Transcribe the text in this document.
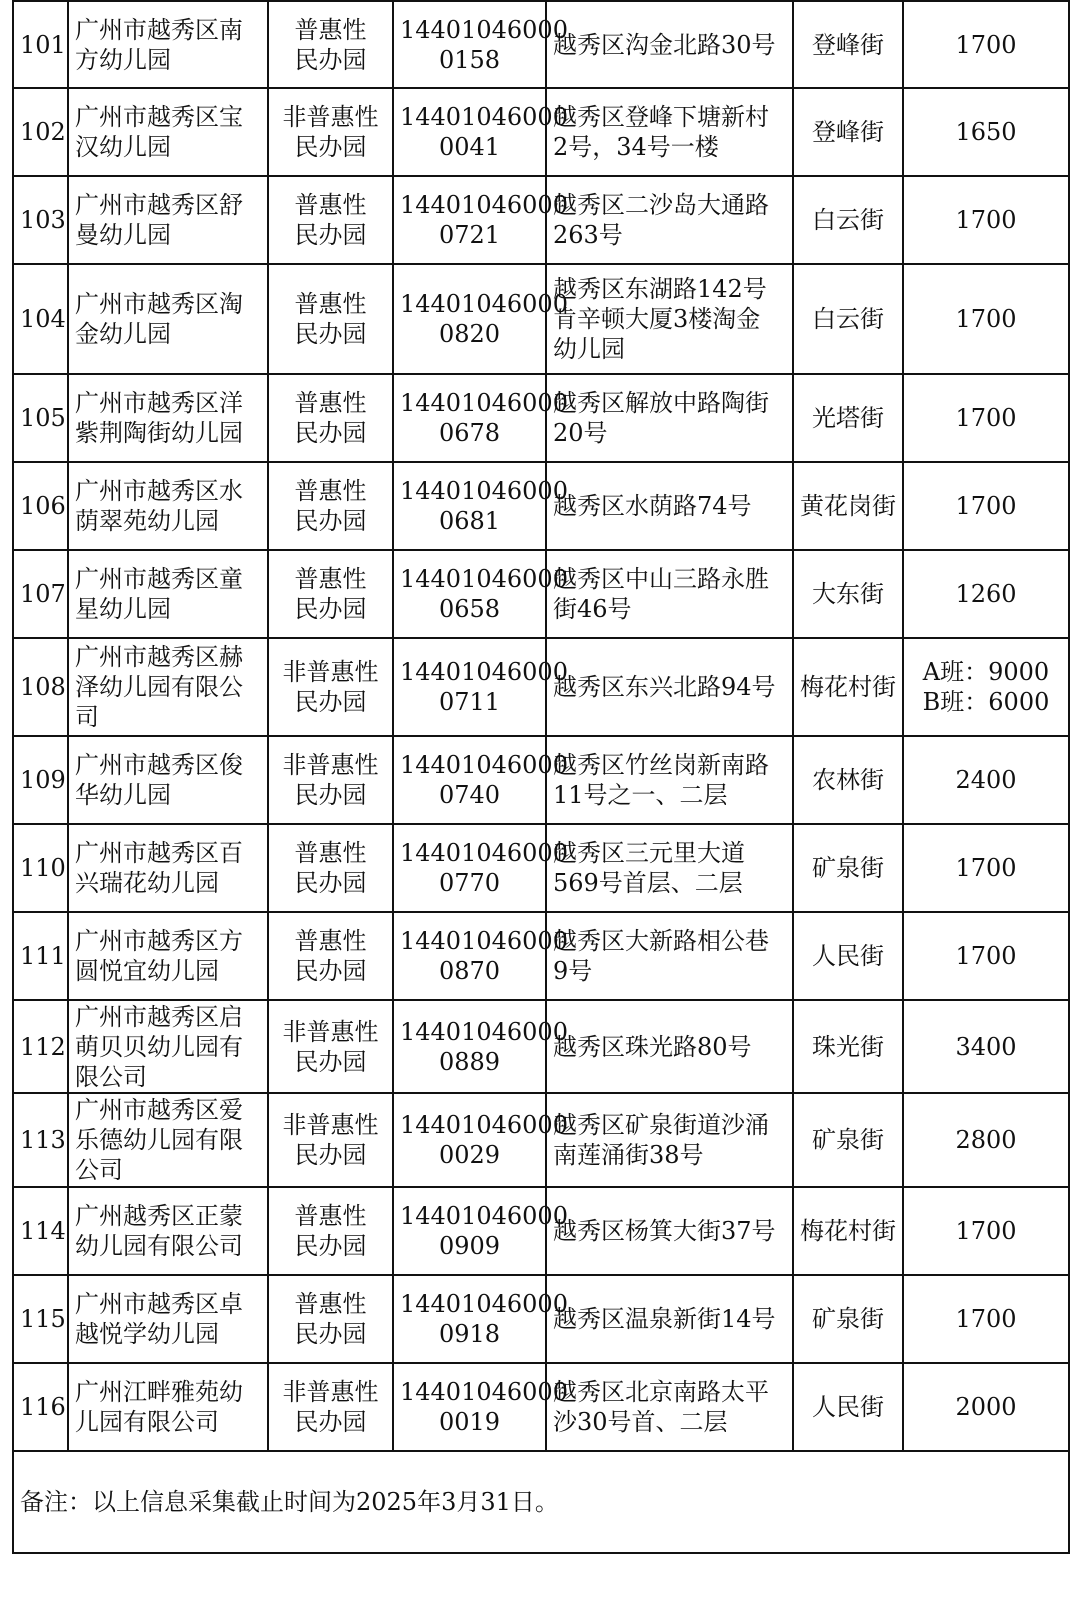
101	广州市越秀区南
方幼儿园	普惠性
民办园	14401046000
0158	越秀区沟金北路30号	登峰街	1700

102	广州市越秀区宝
汉幼儿园	非普惠性
民办园	14401046000
0041	越秀区登峰下塘新村
2号，34号一楼	登峰街	1650

103	广州市越秀区舒
曼幼儿园	普惠性
民办园	14401046000
0721	越秀区二沙岛大通路
263号	白云街	1700

104	广州市越秀区淘
金幼儿园	普惠性
民办园	14401046000
0820	越秀区东湖路142号
肯辛顿大厦3楼淘金
幼儿园	白云街	1700

105	广州市越秀区洋
紫荆陶街幼儿园	普惠性
民办园	14401046000
0678	越秀区解放中路陶街
20号	光塔街	1700

106	广州市越秀区水
荫翠苑幼儿园	普惠性
民办园	14401046000
0681	越秀区水荫路74号	黄花岗街	1700

107	广州市越秀区童
星幼儿园	普惠性
民办园	14401046000
0658	越秀区中山三路永胜
街46号	大东街	1260

108	广州市越秀区赫
泽幼儿园有限公
司	非普惠性
民办园	14401046000
0711	越秀区东兴北路94号	梅花村街	A班：9000
B班：6000

109	广州市越秀区俊
华幼儿园	非普惠性
民办园	14401046000
0740	越秀区竹丝岗新南路
11号之一、二层	农林街	2400

110	广州市越秀区百
兴瑞花幼儿园	普惠性
民办园	14401046000
0770	越秀区三元里大道
569号首层、二层	矿泉街	1700

111	广州市越秀区方
圆悦宜幼儿园	普惠性
民办园	14401046000
0870	越秀区大新路相公巷
9号	人民街	1700

112	广州市越秀区启
萌贝贝幼儿园有
限公司	非普惠性
民办园	14401046000
0889	越秀区珠光路80号	珠光街	3400

113	广州市越秀区爱
乐德幼儿园有限
公司	非普惠性
民办园	14401046000
0029	越秀区矿泉街道沙涌
南莲涌街38号	矿泉街	2800

114	广州越秀区正蒙
幼儿园有限公司	普惠性
民办园	14401046000
0909	越秀区杨箕大街37号	梅花村街	1700

115	广州市越秀区卓
越悦学幼儿园	普惠性
民办园	14401046000
0918	越秀区温泉新街14号	矿泉街	1700

116	广州江畔雅苑幼
儿园有限公司	非普惠性
民办园	14401046000
0019	越秀区北京南路太平
沙30号首、二层	人民街	2000

备注：以上信息采集截止时间为2025年3月31日。						
